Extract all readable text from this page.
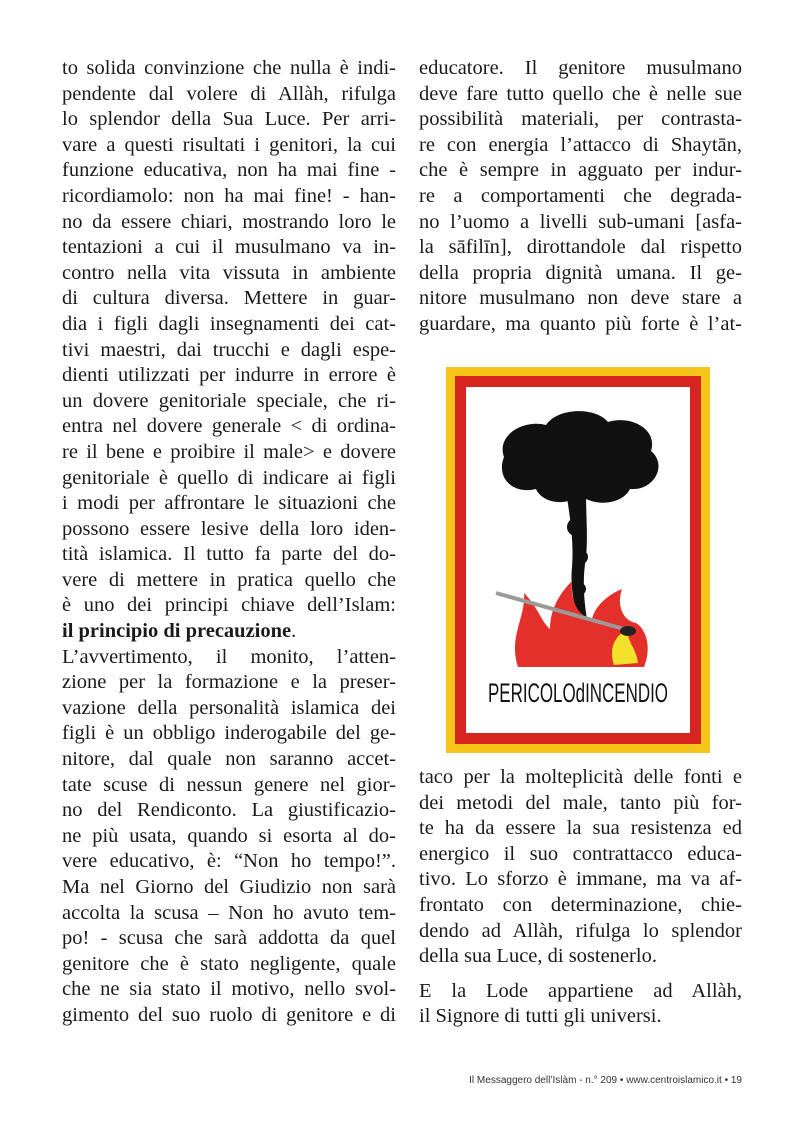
to solida convinzione che nulla è indi-
pendente dal volere di Allàh, rifulga
lo splendor della Sua Luce. Per arri-
vare a questi risultati i genitori, la cui
funzione educativa, non ha mai fine -
ricordiamolo: non ha mai fine! - han-
no da essere chiari, mostrando loro le
tentazioni a cui il musulmano va in-
contro nella vita vissuta in ambiente
di cultura diversa. Mettere in guar-
dia i figli dagli insegnamenti dei cat-
tivi maestri, dai trucchi e dagli espe-
dienti utilizzati per indurre in errore è
un dovere genitoriale speciale, che ri-
entra nel dovere generale < di ordina-
re il bene e proibire il male> e dovere
genitoriale è quello di indicare ai figli
i modi per affrontare le situazioni che
possono essere lesive della loro iden-
tità islamica. Il tutto fa parte del do-
vere di mettere in pratica quello che
è uno dei principi chiave dell’Islam:
il principio di precauzione.

L’avvertimento, il monito, l’atten-
zione per la formazione e la preser-
vazione della personalità islamica dei
figli è un obbligo inderogabile del ge-
nitore, dal quale non saranno accet-
tate scuse di nessun genere nel gior-
no del Rendiconto. La giustificazio-
ne più usata, quando si esorta al do-
vere educativo, è: “Non ho tempo!”.
Ma nel Giorno del Giudizio non sarà
accolta la scusa – Non ho avuto tem-
po! - scusa che sarà addotta da quel
genitore che è stato negligente, quale
che ne sia stato il motivo, nello svol-
gimento del suo ruolo di genitore e di

educatore. Il genitore musulmano
deve fare tutto quello che è nelle sue
possibilità materiali, per contrasta-
re con energia l’attacco di Shaytān,
che è sempre in agguato per indur-
re a comportamenti che degrada-
no l’uomo a livelli sub-umani [asfa-
la sāfilīn], dirottandole dal rispetto
della propria dignità umana. Il ge-
nitore musulmano non deve stare a
guardare, ma quanto più forte è l’at-

PERICOLOdINCENDIO

taco per la molteplicità delle fonti e
dei metodi del male, tanto più for-
te ha da essere la sua resistenza ed
energico il suo contrattacco educa-
tivo. Lo sforzo è immane, ma va af-
frontato con determinazione, chie-
dendo ad Allàh, rifulga lo splendor
della sua Luce, di sostenerlo.

E la Lode appartiene ad Allàh,
il Signore di tutti gli universi.

Il Messaggero dell’Islàm - n.° 209 • www.centroislamico.it • 19
